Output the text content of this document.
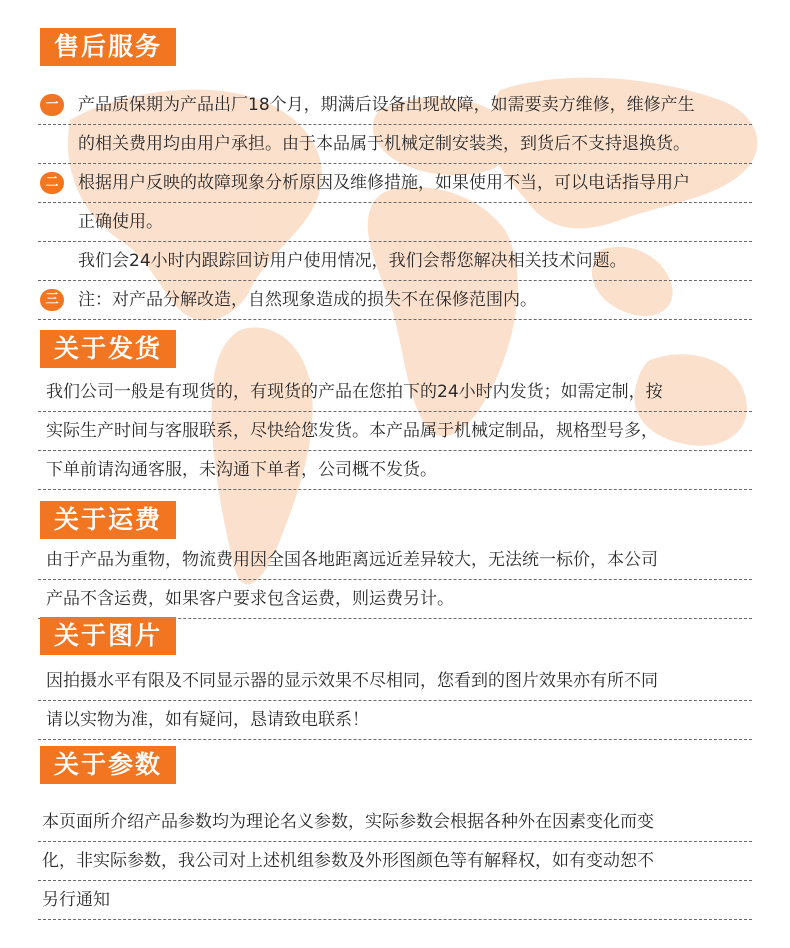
售后服务
一	产品质保期为产品出厂18个月，期满后设备出现故障，如需要卖方维修，维修产生
的相关费用均由用户承担。由于本品属于机械定制安装类，到货后不支持退换货。
二	根据用户反映的故障现象分析原因及维修措施，如果使用不当，可以电话指导用户
正确使用。
我们会24小时内跟踪回访用户使用情况，我们会帮您解决相关技术问题。
三	注：对产品分解改造，自然现象造成的损失不在保修范围内。
关于发货
我们公司一般是有现货的，有现货的产品在您拍下的24小时内发货；如需定制，按
实际生产时间与客服联系，尽快给您发货。本产品属于机械定制品，规格型号多，
下单前请沟通客服，未沟通下单者，公司概不发货。
关于运费
由于产品为重物，物流费用因全国各地距离远近差异较大，无法统一标价，本公司
产品不含运费，如果客户要求包含运费，则运费另计。
关于图片
因拍摄水平有限及不同显示器的显示效果不尽相同，您看到的图片效果亦有所不同
请以实物为准，如有疑问，恳请致电联系！
关于参数
本页面所介绍产品参数均为理论名义参数，实际参数会根据各种外在因素变化而变
化，非实际参数，我公司对上述机组参数及外形图颜色等有解释权，如有变动恕不
另行通知
